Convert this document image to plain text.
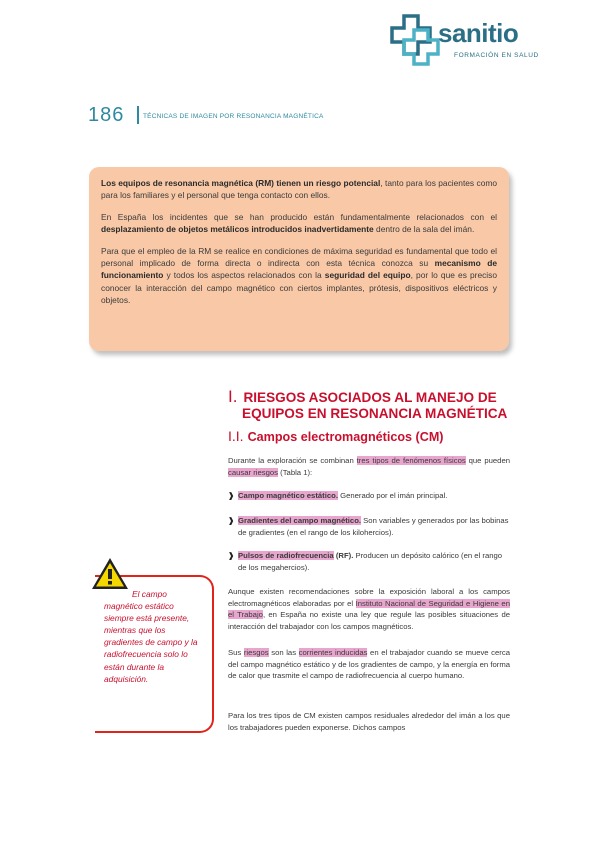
sanitio
FORMACIÓN EN SALUD
186	TÉCNICAS DE IMAGEN POR RESONANCIA MAGNÉTICA

Los equipos de resonancia magnética (RM) tienen un riesgo potencial, tanto para los pacientes como para los familiares y el personal que tenga contacto con ellos.

En España los incidentes que se han producido están fundamentalmente relacionados con el desplazamiento de objetos metálicos introducidos inadvertidamente dentro de la sala del imán.

Para que el empleo de la RM se realice en condiciones de máxima seguridad es fundamental que todo el personal implicado de forma directa o indirecta con esta técnica conozca su mecanismo de funcionamiento y todos los aspectos relacionados con la seguridad del equipo, por lo que es preciso conocer la interacción del campo magnético con ciertos implantes, prótesis, dispositivos eléctricos y objetos.

I. RIESGOS ASOCIADOS AL MANEJO DE
EQUIPOS EN RESONANCIA MAGNÉTICA
I.I. Campos electromagnéticos (CM)
Durante la exploración se combinan tres tipos de fenómenos físicos que pueden causar riesgos (Tabla 1):
❱ Campo magnético estático. Generado por el imán principal.
❱ Gradientes del campo magnético. Son variables y generados por las bobinas de gradientes (en el rango de los kilohercios).
❱ Pulsos de radiofrecuencia (RF). Producen un depósito calórico (en el rango de los megahercios).
Aunque existen recomendaciones sobre la exposición laboral a los campos electromagnéticos elaboradas por el Instituto Nacional de Seguridad e Higiene en el Trabajo, en España no existe una ley que regule las posibles situaciones de interacción del trabajador con los campos magnéticos.
Sus riesgos son las corrientes inducidas en el trabajador cuando se mueve cerca del campo magnético estático y de los gradientes de campo, y la energía en forma de calor que trasmite el campo de radiofrecuencia al cuerpo humano.
Para los tres tipos de CM existen campos residuales alrededor del imán a los que los trabajadores pueden exponerse. Dichos campos
El campo magnético estático siempre está presente, mientras que los gradientes de campo y la radiofrecuencia solo lo están durante la adquisición.
